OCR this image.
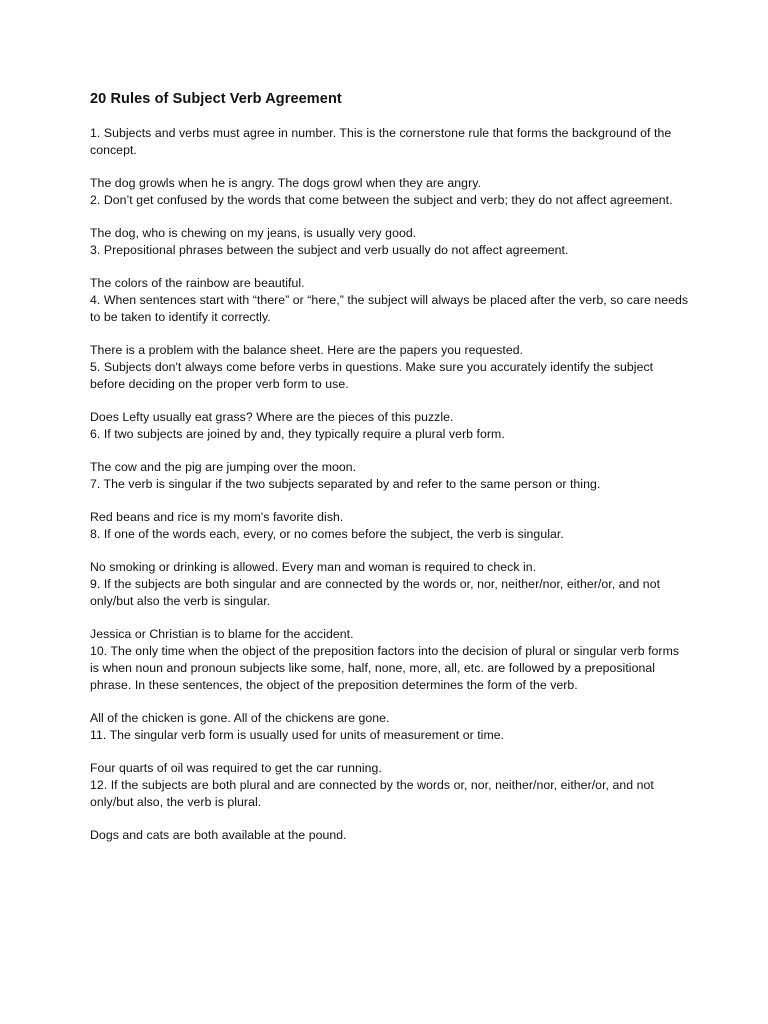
20 Rules of Subject Verb Agreement
1. Subjects and verbs must agree in number. This is the cornerstone rule that forms the background of the concept.
The dog growls when he is angry. The dogs growl when they are angry.
2. Don’t get confused by the words that come between the subject and verb; they do not affect agreement.
The dog, who is chewing on my jeans, is usually very good.
3. Prepositional phrases between the subject and verb usually do not affect agreement.
The colors of the rainbow are beautiful.
4. When sentences start with “there” or “here,” the subject will always be placed after the verb, so care needs to be taken to identify it correctly.
There is a problem with the balance sheet. Here are the papers you requested.
5. Subjects don't always come before verbs in questions. Make sure you accurately identify the subject before deciding on the proper verb form to use.
Does Lefty usually eat grass? Where are the pieces of this puzzle.
6. If two subjects are joined by and, they typically require a plural verb form.
The cow and the pig are jumping over the moon.
7. The verb is singular if the two subjects separated by and refer to the same person or thing.
Red beans and rice is my mom's favorite dish.
8. If one of the words each, every, or no comes before the subject, the verb is singular.
No smoking or drinking is allowed. Every man and woman is required to check in.
9. If the subjects are both singular and are connected by the words or, nor, neither/nor, either/or, and not only/but also the verb is singular.
Jessica or Christian is to blame for the accident.
10. The only time when the object of the preposition factors into the decision of plural or singular verb forms is when noun and pronoun subjects like some, half, none, more, all, etc. are followed by a prepositional phrase. In these sentences, the object of the preposition determines the form of the verb.
All of the chicken is gone. All of the chickens are gone.
11. The singular verb form is usually used for units of measurement or time.
Four quarts of oil was required to get the car running.
12. If the subjects are both plural and are connected by the words or, nor, neither/nor, either/or, and not only/but also, the verb is plural.
Dogs and cats are both available at the pound.
